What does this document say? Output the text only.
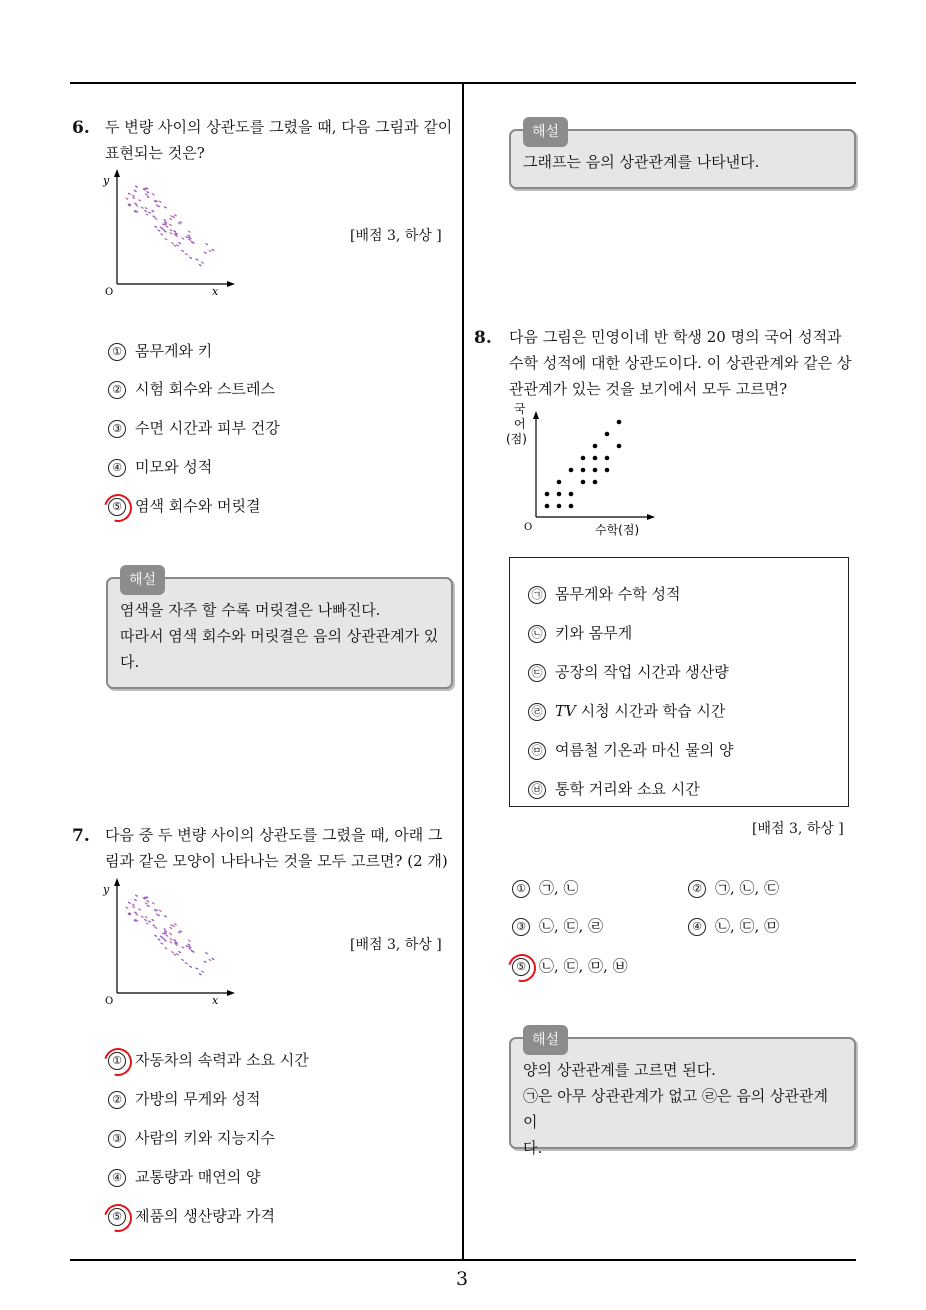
3
6. 두 변량 사이의 상관도를 그렸을 때, 다음 그림과 같이
표현되는 것은?
y
O	x
[배점 3, 하상 ]
① 몸무게와 키
② 시험 회수와 스트레스
③ 수면 시간과 피부 건강
④ 미모와 성적
⑤ 염색 회수와 머릿결
해설

염색을 자주 할 수록 머릿결은 나빠진다.

따라서 염색 회수와 머릿결은 음의 상관관계가 있

다.

7. 다음 중 두 변량 사이의 상관도를 그렸을 때, 아래 그
림과 같은 모양이 나타나는 것을 모두 고르면? (2 개)
y
O	x
[배점 3, 하상 ]
① 자동차의 속력과 소요 시간
② 가방의 무게와 성적
③ 사람의 키와 지능지수
④ 교통량과 매연의 양
⑤ 제품의 생산량과 가격
해설

그래프는 음의 상관관계를 나타낸다.

8. 다음 그림은 민영이네 반 학생 20 명의 국어 성적과
수학 성적에 대한 상관도이다. 이 상관관계와 같은 상
관관계가 있는 것을 보기에서 모두 고르면?
국
어
(점)
O	수학(점)
㉠ 몸무게와 수학 성적
㉡ 키와 몸무게
㉢ 공장의 작업 시간과 생산량
㉣ TV 시청 시간과 학습 시간
㉤ 여름철 기온과 마신 물의 양
㉥ 통학 거리와 소요 시간
[배점 3, 하상 ]
① ㉠, ㉡	② ㉠, ㉡, ㉢
③ ㉡, ㉢, ㉣	④ ㉡, ㉢, ㉤
⑤ ㉡, ㉢, ㉤, ㉥
해설

양의 상관관계를 고르면 된다.

㉠은 아무 상관관계가 없고 ㉣은 음의 상관관계이

다.
